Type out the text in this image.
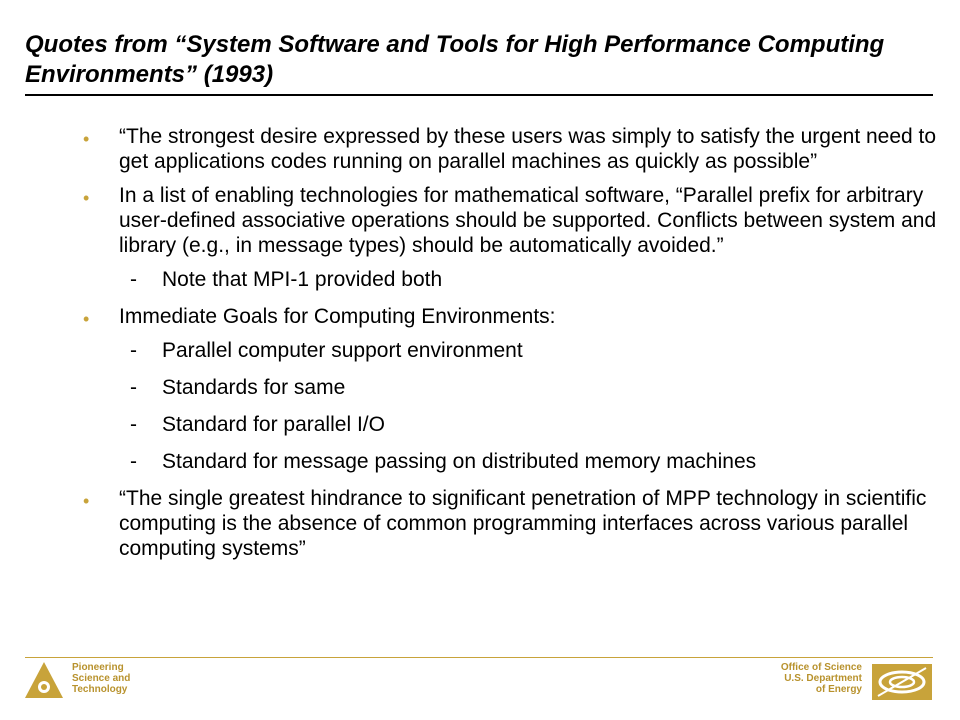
Quotes from “System Software and Tools for High Performance Computing Environments” (1993)
• “The strongest desire expressed by these users was simply to satisfy the urgent need to get applications codes running on parallel machines as quickly as possible”
• In a list of enabling technologies for mathematical software, “Parallel prefix for arbitrary user-defined associative operations should be supported. Conflicts between system and library (e.g., in message types) should be automatically avoided.”
- Note that MPI-1 provided both
• Immediate Goals for Computing Environments:
- Parallel computer support environment
- Standards for same
- Standard for parallel I/O
- Standard for message passing on distributed memory machines
• “The single greatest hindrance to significant penetration of MPP technology in scientific computing is the absence of common programming interfaces across various parallel computing systems”
Pioneering
Science and
Technology
Office of Science
U.S. Department
of Energy
